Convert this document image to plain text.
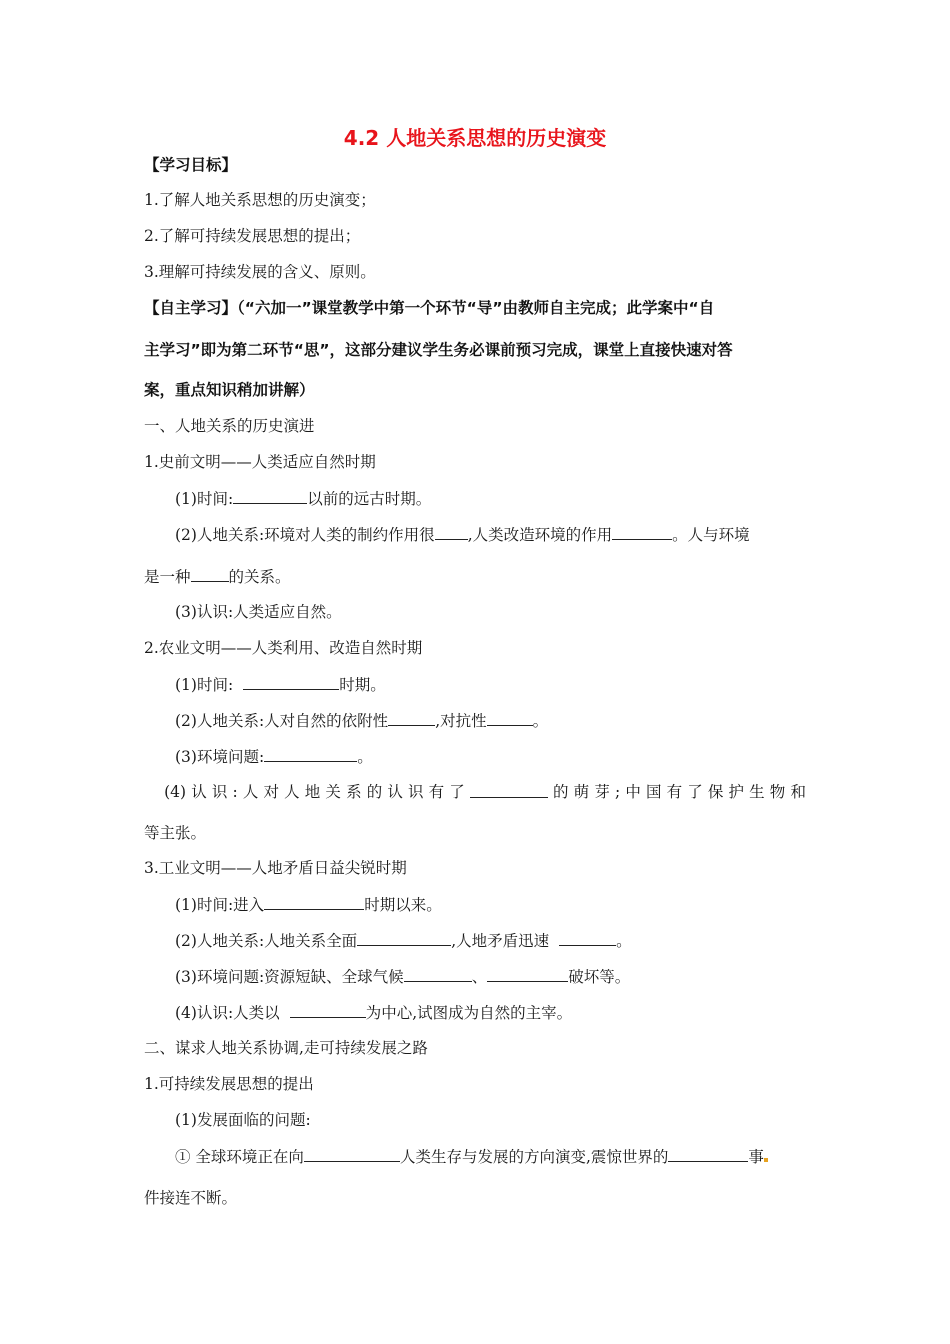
4.2 人地关系思想的历史演变
【学习目标】
1.了解人地关系思想的历史演变；
2.了解可持续发展思想的提出；
3.理解可持续发展的含义、原则。
【自主学习】（“六加一”课堂教学中第一个环节“导”由教师自主完成；此学案中“自
主学习”即为第二环节“思”，这部分建议学生务必课前预习完成，课堂上直接快速对答
案，重点知识稍加讲解）
一、人地关系的历史演进
1.史前文明——人类适应自然时期
(1)时间:	以前的远古时期。
(2)人地关系:环境对人类的制约作用很 ,人类改造环境的作用	。人与环境
是一种 的关系。
(3)认识:人类适应自然。
2.农业文明——人类利用、改造自然时期
(1)时间:	时期。
(2)人地关系:人对自然的依附性	,对抗性	。
(3)环境问题:	。
(4) 认 识 : 人 对 人 地 关 系 的 认 识 有 了	的 萌 芽 ; 中 国 有 了 保 护 生 物 和
等主张。
3.工业文明——人地矛盾日益尖锐时期
(1)时间:进入	时期以来。
(2)人地关系:人地关系全面	,人地矛盾迅速	。
(3)环境问题:资源短缺、全球气候	、	破坏等。
(4)认识:人类以	为中心,试图成为自然的主宰。
二、谋求人地关系协调,走可持续发展之路
1.可持续发展思想的提出
(1)发展面临的问题:
① 全球环境正在向	人类生存与发展的方向演变,震惊世界的	事
件接连不断。
